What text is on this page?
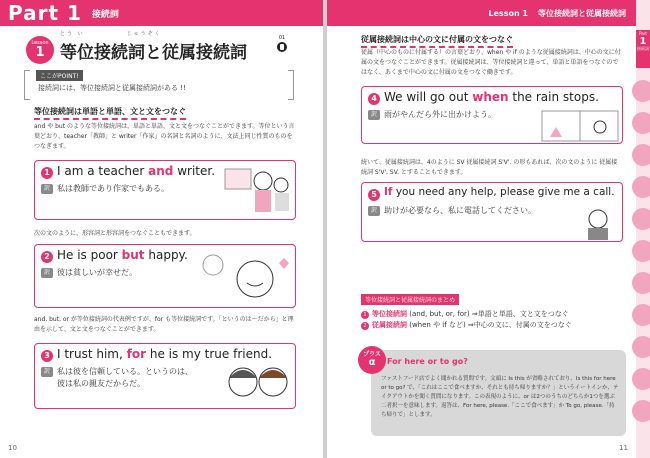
Part 1 接続詞
Lesson
1
とう い　　　　　　じゅうぞく
等位接続詞と従属接続詞
01
ここがPOINT!
接続詞には、等位接続詞と従属接続詞がある !!
等位接続詞は単語と単語、文と文をつなぐ
and や but のような等位接続詞は、単語と単語、文と文をつなぐことができます。等位という言葉どおり、teacher「教師」と writer「作家」の名詞と名詞のように、文法上同じ性質のものをつなぎます。
1 I am a teacher and writer.
訳 私は教師であり作家でもある。
次の文のように、形容詞と形容詞をつなぐこともできます。
2 He is poor but happy.
訳 彼は貧しいが幸せだ。
and, but, or が等位接続詞の代表例ですが、for も等位接続詞です。「というのは～だから」と理由を示して、文と文をつなぐことができます。
3 I trust him, for he is my true friend.
訳 私は彼を信頼している。というのは、
彼は私の親友だからだ。
10
Lesson 1 等位接続詞と従属接続詞
Part
1
接続詞
従属接続詞は中心の文に付属の文をつなぐ
従属（中心のものに付属する）の言葉どおり、when や if のような従属接続詞は、中心の文に付属の文をつなぐことができます。従属接続詞は、等位接続詞と違って、単語と単語をつなぐのではなく、あくまで中心の文に付属の文をつなぐ働きです。
4 We will go out when the rain stops.
訳 雨がやんだら外に出かけよう。
続いて、従属接続詞は、4のように SV 従属接続詞 S'V'. の形もあれば、次の文のように 従属接続詞 S'V', SV. とすることもできます。
5 If you need any help, please give me a call.
訳 助けが必要なら、私に電話してください。
等位接続詞と従属接続詞のまとめ
1 等位接続詞 (and, but, or, for) ⇒単語と単語、文と文をつなぐ
2 従属接続詞 (when や if など) ⇒中心の文に、付属の文をつなぐ
For here or to go?
ファストフード店でよく聞かれる質問です。文頭に Is this が省略されており、Is this for here or to go? で、「これはここで食べますか、それとも持ち帰りますか？」というイートインか、テイクアウトかを聞く質問になります。この表現のように、or は2つのうちのどちらか1つを選ぶ二者択一を意味します。返答は、For here, please.「ここで食べます」か To go, please.「持ち帰りで」とします。
プラス
α
11
